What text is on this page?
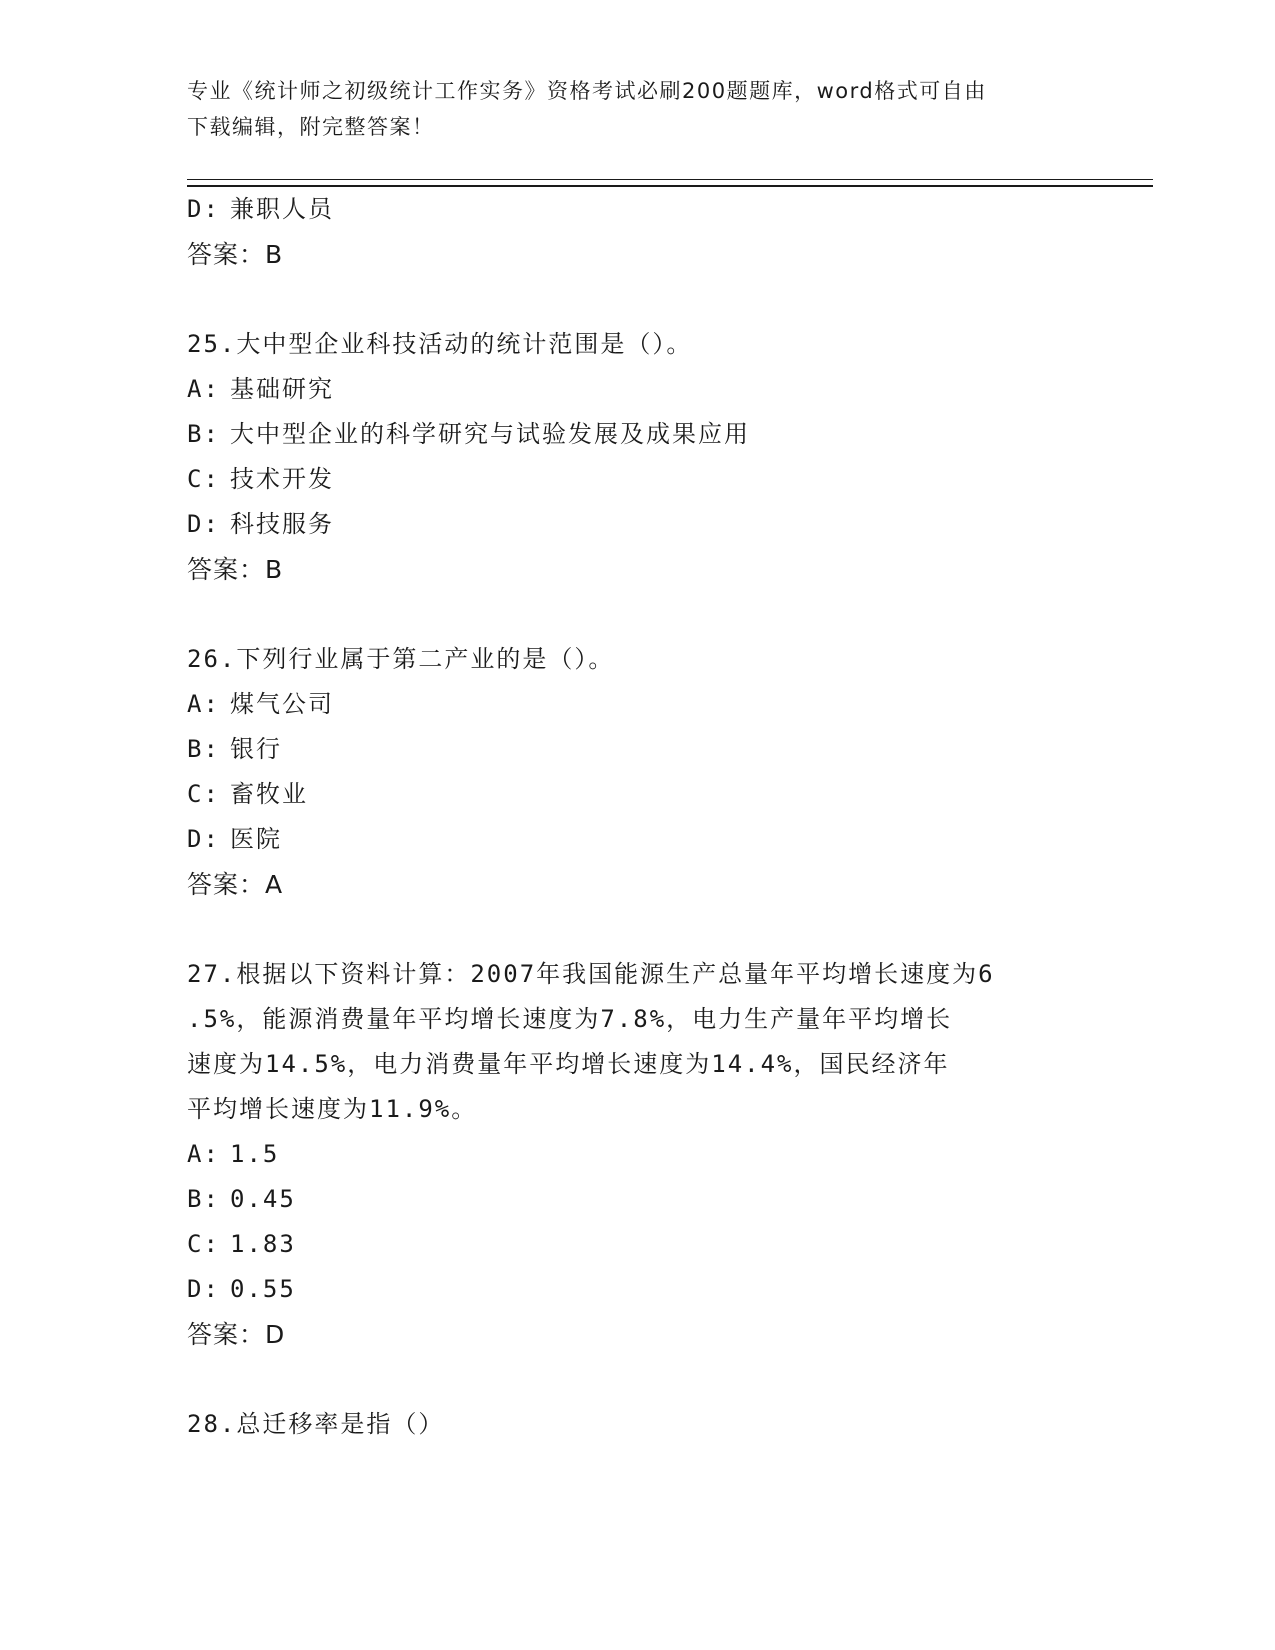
专业《统计师之初级统计工作实务》资格考试必刷200题题库，word格式可自由
下载编辑，附完整答案！
D: 兼职人员
答案：B
25.大中型企业科技活动的统计范围是（）。
A: 基础研究
B: 大中型企业的科学研究与试验发展及成果应用
C: 技术开发
D: 科技服务
答案：B
26.下列行业属于第二产业的是（）。
A: 煤气公司
B: 银行
C: 畜牧业
D: 医院
答案：A
27.根据以下资料计算：2007年我国能源生产总量年平均增长速度为6
.5%，能源消费量年平均增长速度为7.8%，电力生产量年平均增长
速度为14.5%，电力消费量年平均增长速度为14.4%，国民经济年
平均增长速度为11.9%。
A: 1.5
B: 0.45
C: 1.83
D: 0.55
答案：D
28.总迁移率是指（）
